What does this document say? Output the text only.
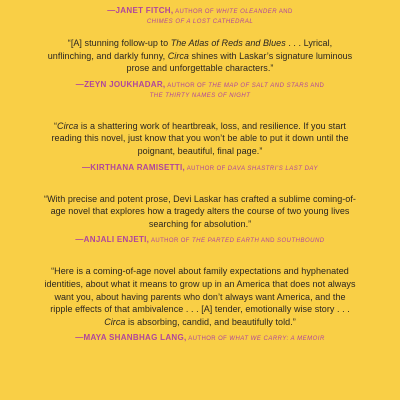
—JANET FITCH, AUTHOR OF WHITE OLEANDER AND
CHIMES OF A LOST CATHEDRAL

“[A] stunning follow-up to The Atlas of Reds and Blues . . . Lyrical, unflinching, and darkly funny, Circa shines with Laskar’s signature luminous prose and unforgettable characters.”

—ZEYN JOUKHADAR, AUTHOR OF THE MAP OF SALT AND STARS AND
THE THIRTY NAMES OF NIGHT

“Circa is a shattering work of heartbreak, loss, and resilience. If you start reading this novel, just know that you won’t be able to put it down until the poignant, beautiful, final page.”

—KIRTHANA RAMISETTI, AUTHOR OF DAVA SHASTRI’S LAST DAY

“With precise and potent prose, Devi Laskar has crafted a sublime coming-of-age novel that explores how a tragedy alters the course of two young lives searching for absolution.”

—ANJALI ENJETI, AUTHOR OF THE PARTED EARTH AND SOUTHBOUND

“Here is a coming-of-age novel about family expectations and hyphenated identities, about what it means to grow up in an America that does not always want you, about having parents who don’t always want America, and the ripple effects of that ambivalence . . . [A] tender, emotionally wise story . . . Circa is absorbing, candid, and beautifully told.”

—MAYA SHANBHAG LANG, AUTHOR OF WHAT WE CARRY: A MEMOIR
